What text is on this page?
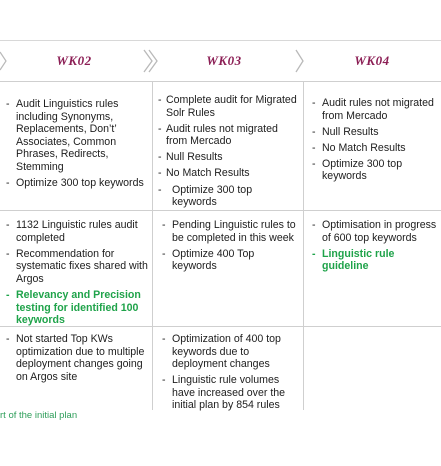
WK02	WK03	WK04
- Audit Linguistics rules including Synonyms, Replacements, Don’t’ Associates, Common Phrases, Redirects, Stemming
- Optimize 300 top keywords
- Complete audit for Migrated Solr Rules
- Audit rules not migrated from Mercado
- Null Results
- No Match Results
- Optimize 300 top keywords
- Audit rules not migrated from Mercado
- Null Results
- No Match Results
- Optimize 300 top keywords
- 1132 Linguistic rules audit completed
- Recommendation for systematic fixes shared with Argos
- Relevancy and Precision testing for identified 100 keywords
- Pending Linguistic rules to be completed in this week
- Optimize 400 Top keywords
- Optimisation in progress of 600 top keywords
- Linguistic rule guideline
- Not started Top KWs optimization due to multiple deployment changes going on Argos site
- Optimization of 400 top keywords due to deployment changes
- Linguistic rule volumes have increased over the initial plan by 854 rules
rt of the initial plan
